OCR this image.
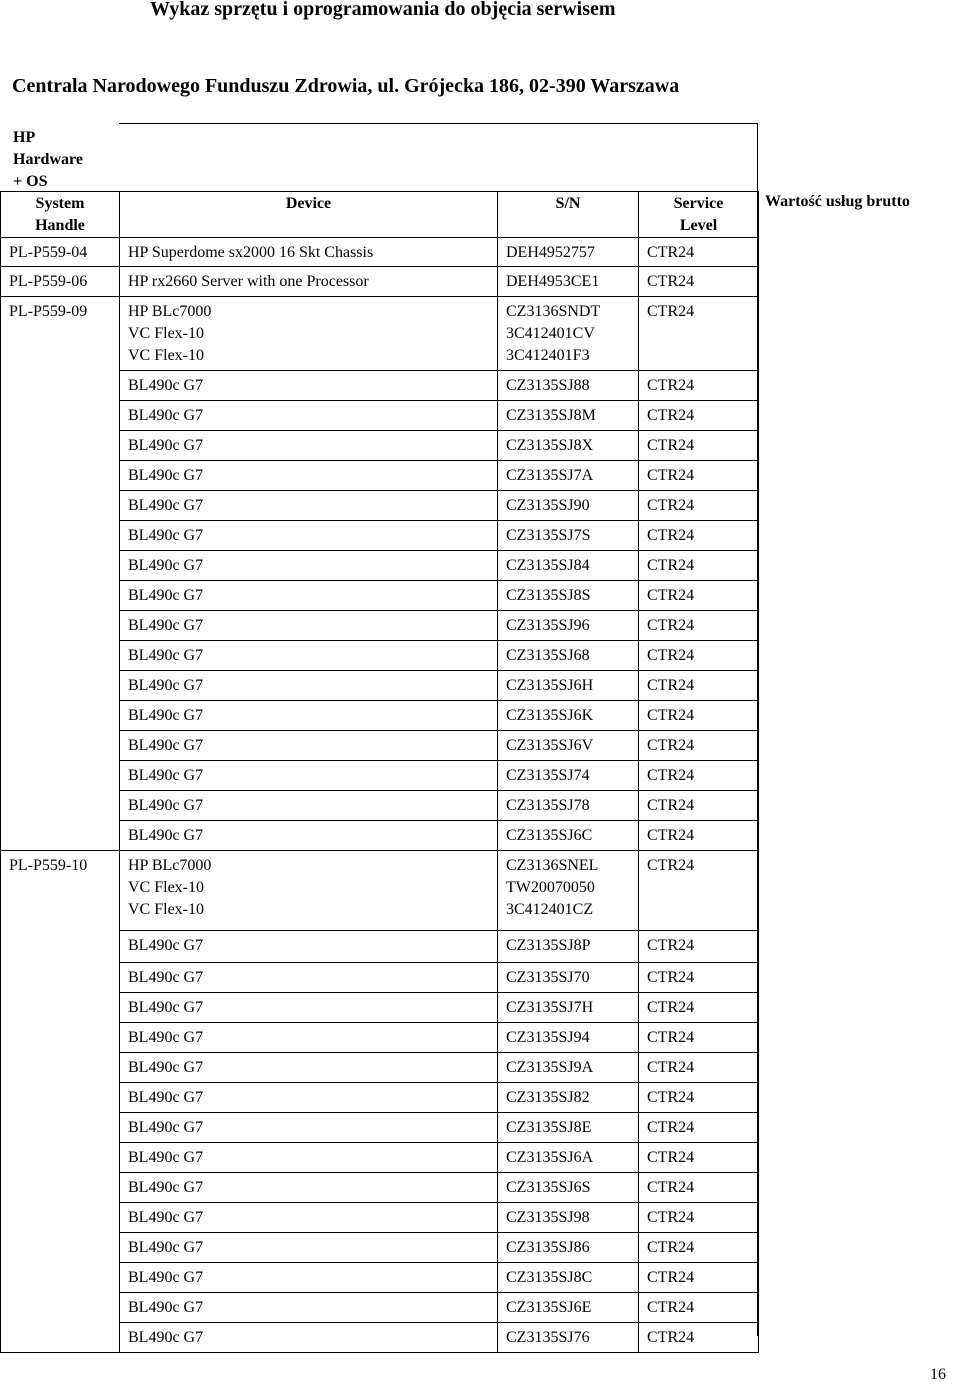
Wykaz sprzętu i oprogramowania do objęcia serwisem
Centrala Narodowego Funduszu Zdrowia, ul. Grójecka 186, 02-390 Warszawa
HP
Hardware
+ OS
System
Handle	Device	S/N	Service
Level

PL-P559-04	HP Superdome sx2000 16 Skt Chassis	DEH4952757	CTR24
PL-P559-06	HP rx2660 Server with one Processor	DEH4953CE1	CTR24
PL-P559-09	HP BLc7000
VC Flex-10
VC Flex-10	CZ3136SNDT
3C412401CV
3C412401F3	CTR24

	BL490c G7	CZ3135SJ88	CTR24

	BL490c G7	CZ3135SJ8M	CTR24

	BL490c G7	CZ3135SJ8X	CTR24

	BL490c G7	CZ3135SJ7A	CTR24

	BL490c G7	CZ3135SJ90	CTR24

	BL490c G7	CZ3135SJ7S	CTR24

	BL490c G7	CZ3135SJ84	CTR24

	BL490c G7	CZ3135SJ8S	CTR24

	BL490c G7	CZ3135SJ96	CTR24

	BL490c G7	CZ3135SJ68	CTR24

	BL490c G7	CZ3135SJ6H	CTR24

	BL490c G7	CZ3135SJ6K	CTR24

	BL490c G7	CZ3135SJ6V	CTR24

	BL490c G7	CZ3135SJ74	CTR24

	BL490c G7	CZ3135SJ78	CTR24

	BL490c G7	CZ3135SJ6C	CTR24
PL-P559-10	HP BLc7000
VC Flex-10
VC Flex-10	CZ3136SNEL
TW20070050
3C412401CZ	CTR24

	BL490c G7	CZ3135SJ8P	CTR24

	BL490c G7	CZ3135SJ70	CTR24

	BL490c G7	CZ3135SJ7H	CTR24

	BL490c G7	CZ3135SJ94	CTR24

	BL490c G7	CZ3135SJ9A	CTR24

	BL490c G7	CZ3135SJ82	CTR24

	BL490c G7	CZ3135SJ8E	CTR24

	BL490c G7	CZ3135SJ6A	CTR24

	BL490c G7	CZ3135SJ6S	CTR24

	BL490c G7	CZ3135SJ98	CTR24

	BL490c G7	CZ3135SJ86	CTR24

	BL490c G7	CZ3135SJ8C	CTR24

	BL490c G7	CZ3135SJ6E	CTR24

	BL490c G7	CZ3135SJ76	CTR24
Wartość usług brutto
16
